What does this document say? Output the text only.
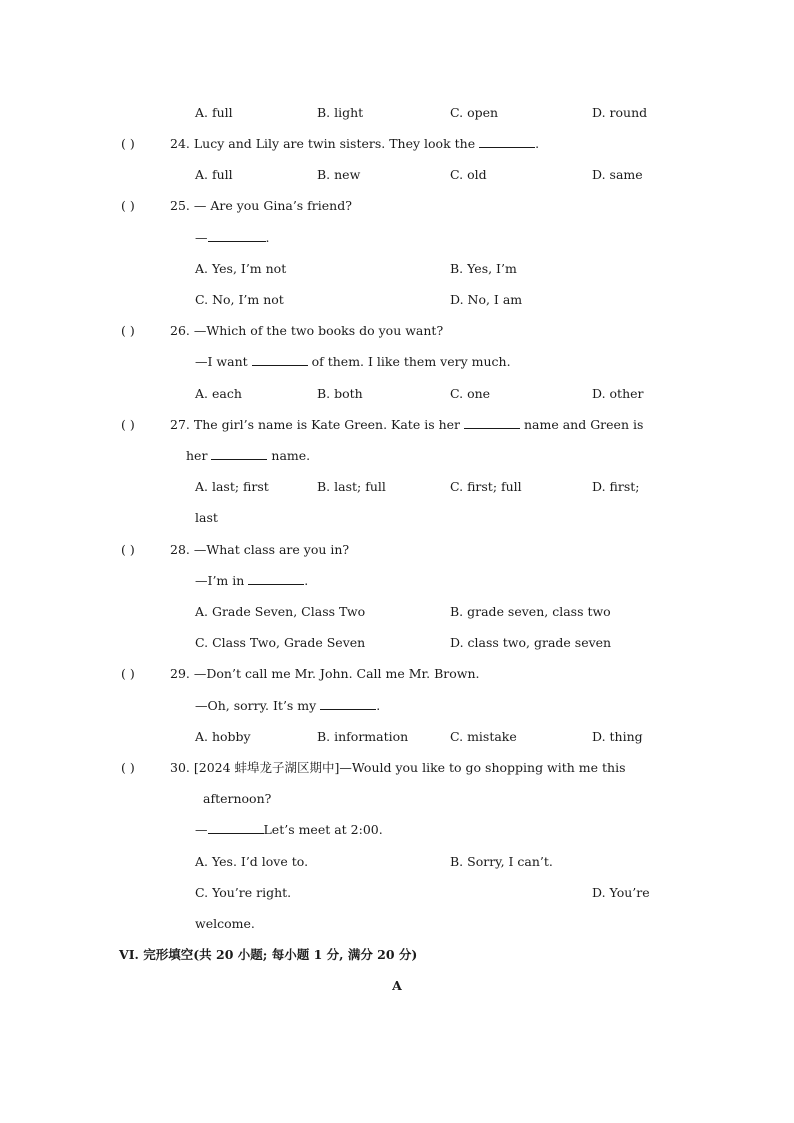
A. full	B. light	C. open	D. round
( )	24. Lucy and Lily are twin sisters. They look the	.
A. full	B. new	C. old	D. same
( )	25. — Are you Gina’s friend?
—	.
A. Yes, I’m not	B. Yes, I’m
C. No, I’m not	D. No, I am
( )	26. —Which of the two books do you want?
—I want	of them. I like them very much.
A. each	B. both	C. one	D. other
( )	27. The girl’s name is Kate Green. Kate is her	name and Green is
her	name.
A. last; first	B. last; full	C. first; full	D. first;
last
( )	28. —What class are you in?
—I’m in	.
A. Grade Seven, Class Two	B. grade seven, class two
C. Class Two, Grade Seven	D. class two, grade seven
( )	29. —Don’t call me Mr. John. Call me Mr. Brown.
—Oh, sorry. It’s my	.
A. hobby	B. information	C. mistake	D. thing
( )	30. [2024 蚌埠龙子湖区期中]—Would you like to go shopping with me this
afternoon?
—	Let’s meet at 2:00.
A. Yes. I’d love to.	B. Sorry, I can’t.
C. You’re right.	D. You’re
welcome.
VI. 完形填空(共 20 小题; 每小题 1 分, 满分 20 分)
A
